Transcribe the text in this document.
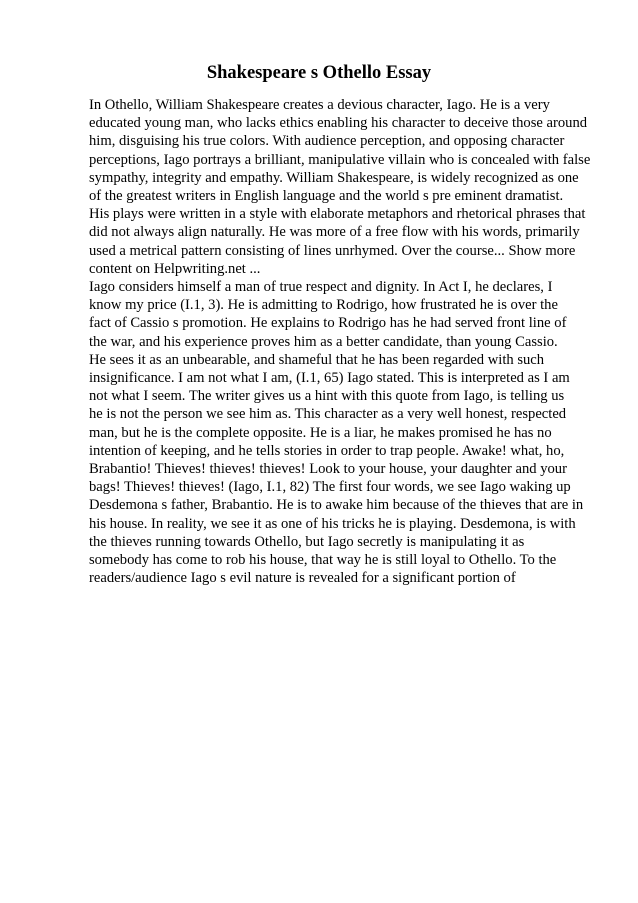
Shakespeare s Othello Essay
In Othello, William Shakespeare creates a devious character, Iago. He is a very
educated young man, who lacks ethics enabling his character to deceive those around
him, disguising his true colors. With audience perception, and opposing character
perceptions, Iago portrays a brilliant, manipulative villain who is concealed with false
sympathy, integrity and empathy. William Shakespeare, is widely recognized as one
of the greatest writers in English language and the world s pre eminent dramatist.
His plays were written in a style with elaborate metaphors and rhetorical phrases that
did not always align naturally. He was more of a free flow with his words, primarily
used a metrical pattern consisting of lines unrhymed. Over the course... Show more
content on Helpwriting.net ...
Iago considers himself a man of true respect and dignity. In Act I, he declares, I
know my price (I.1, 3). He is admitting to Rodrigo, how frustrated he is over the
fact of Cassio s promotion. He explains to Rodrigo has he had served front line of
the war, and his experience proves him as a better candidate, than young Cassio.
He sees it as an unbearable, and shameful that he has been regarded with such
insignificance. I am not what I am, (I.1, 65) Iago stated. This is interpreted as I am
not what I seem. The writer gives us a hint with this quote from Iago, is telling us
he is not the person we see him as. This character as a very well honest, respected
man, but he is the complete opposite. He is a liar, he makes promised he has no
intention of keeping, and he tells stories in order to trap people. Awake! what, ho,
Brabantio! Thieves! thieves! thieves! Look to your house, your daughter and your
bags! Thieves! thieves! (Iago, I.1, 82) The first four words, we see Iago waking up
Desdemona s father, Brabantio. He is to awake him because of the thieves that are in
his house. In reality, we see it as one of his tricks he is playing. Desdemona, is with
the thieves running towards Othello, but Iago secretly is manipulating it as
somebody has come to rob his house, that way he is still loyal to Othello. To the
readers/audience Iago s evil nature is revealed for a significant portion of
